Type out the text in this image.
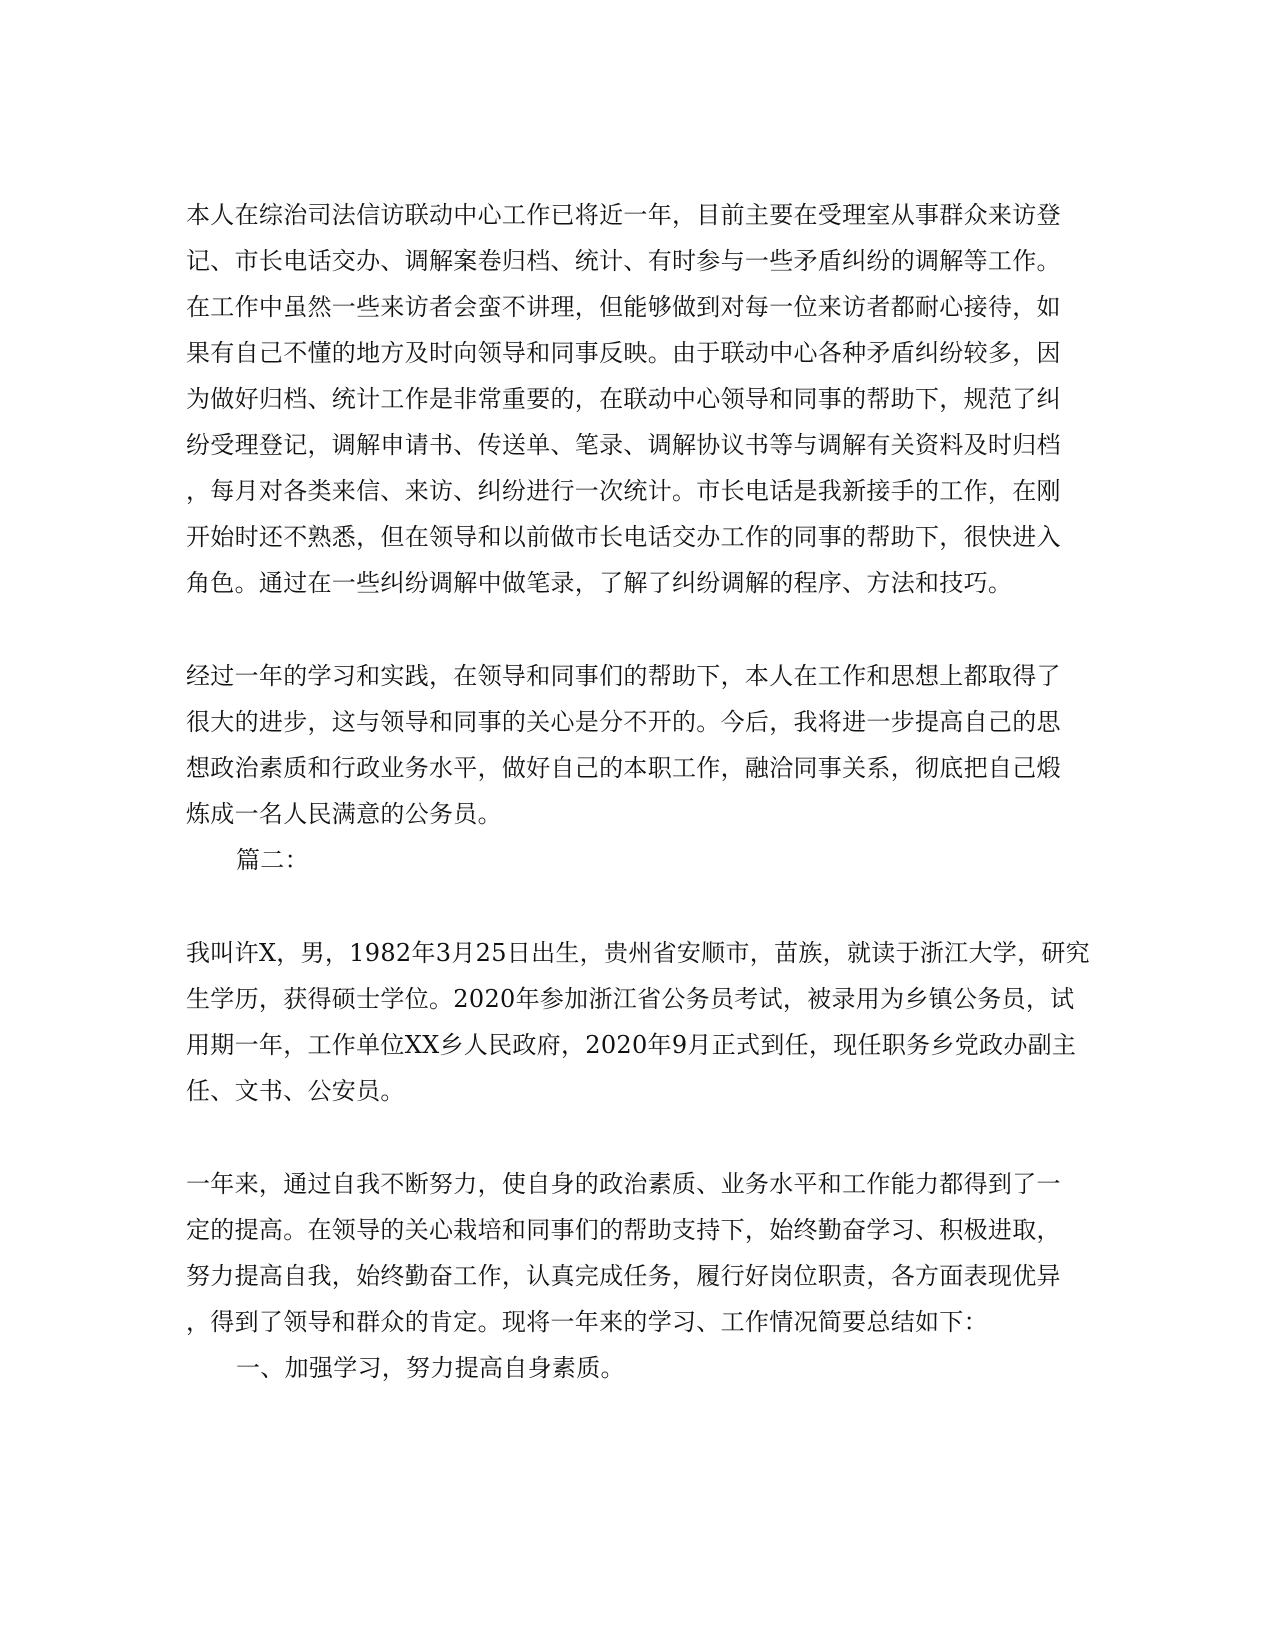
本人在综治司法信访联动中心工作已将近一年，目前主要在受理室从事群众来访登
记、市长电话交办、调解案卷归档、统计、有时参与一些矛盾纠纷的调解等工作。
在工作中虽然一些来访者会蛮不讲理，但能够做到对每一位来访者都耐心接待，如
果有自己不懂的地方及时向领导和同事反映。由于联动中心各种矛盾纠纷较多，因
为做好归档、统计工作是非常重要的，在联动中心领导和同事的帮助下，规范了纠
纷受理登记，调解申请书、传送单、笔录、调解协议书等与调解有关资料及时归档
，每月对各类来信、来访、纠纷进行一次统计。市长电话是我新接手的工作，在刚
开始时还不熟悉，但在领导和以前做市长电话交办工作的同事的帮助下，很快进入
角色。通过在一些纠纷调解中做笔录，了解了纠纷调解的程序、方法和技巧。
经过一年的学习和实践，在领导和同事们的帮助下，本人在工作和思想上都取得了
很大的进步，这与领导和同事的关心是分不开的。今后，我将进一步提高自己的思
想政治素质和行政业务水平，做好自己的本职工作，融洽同事关系，彻底把自己煅
炼成一名人民满意的公务员。
篇二：
我叫许X，男，1982年3月25日出生，贵州省安顺市，苗族，就读于浙江大学，研究
生学历，获得硕士学位。2020年参加浙江省公务员考试，被录用为乡镇公务员，试
用期一年，工作单位XX乡人民政府，2020年9月正式到任，现任职务乡党政办副主
任、文书、公安员。
一年来，通过自我不断努力，使自身的政治素质、业务水平和工作能力都得到了一
定的提高。在领导的关心栽培和同事们的帮助支持下，始终勤奋学习、积极进取，
努力提高自我，始终勤奋工作，认真完成任务，履行好岗位职责，各方面表现优异
，得到了领导和群众的肯定。现将一年来的学习、工作情况简要总结如下：
一、加强学习，努力提高自身素质。
